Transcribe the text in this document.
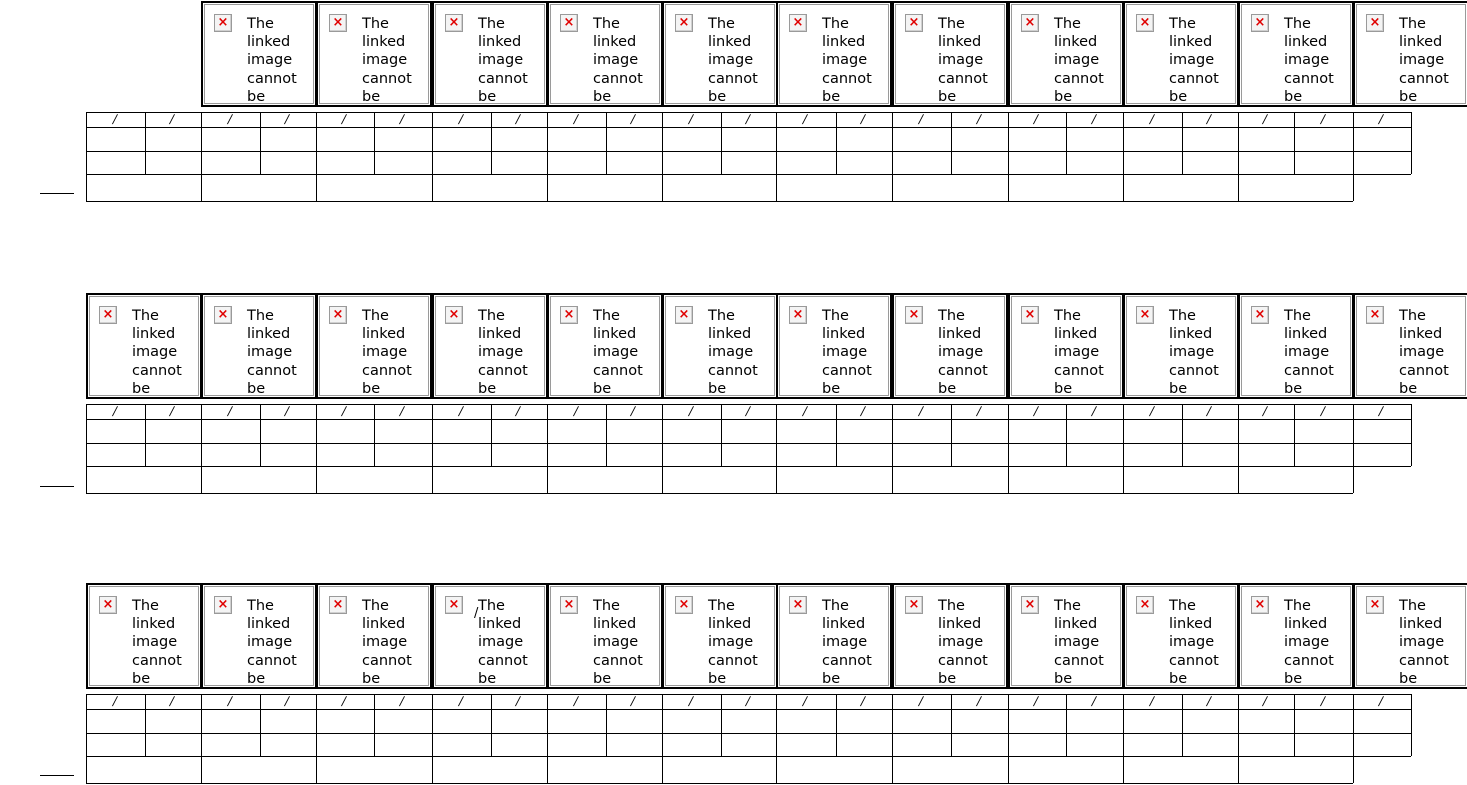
× The linked image cannot be
× The linked image cannot be
× The linked image cannot be
× The linked image cannot be
× The linked image cannot be
× The linked image cannot be
× The linked image cannot be
× The linked image cannot be
× The linked image cannot be
× The linked image cannot be
× The linked image cannot be
/	/	/	/	/	/	/	/	/	/	/	/	/	/	/	/	/	/	/	/	/	/	/
× The linked image cannot be
× The linked image cannot be
× The linked image cannot be
× The linked image cannot be
× The linked image cannot be
× The linked image cannot be
× The linked image cannot be
× The linked image cannot be
× The linked image cannot be
× The linked image cannot be
× The linked image cannot be
× The linked image cannot be
/	/	/	/	/	/	/	/	/	/	/	/	/	/	/	/	/	/	/	/	/	/	/
× The linked image cannot be
× The linked image cannot be
× The linked image cannot be
× The linked image cannot be
× The linked image cannot be
× The linked image cannot be
× The linked image cannot be
× The linked image cannot be
× The linked image cannot be
× The linked image cannot be
× The linked image cannot be
× The linked image cannot be
/	/	/	/	/	/	/	/	/	/	/	/	/	/	/	/	/	/	/	/	/	/	/
/
